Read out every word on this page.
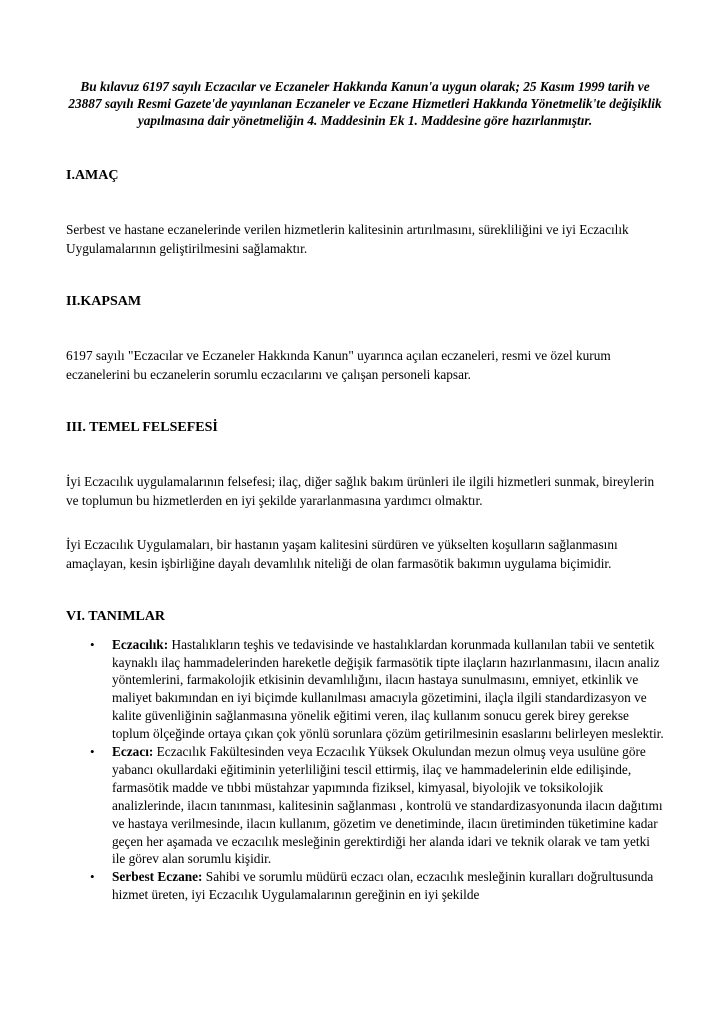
Bu kılavuz 6197 sayılı Eczacılar ve Eczaneler Hakkında Kanun'a uygun olarak; 25 Kasım 1999 tarih ve 23887 sayılı Resmi Gazete'de yayınlanan Eczaneler ve Eczane Hizmetleri Hakkında Yönetmelik'te değişiklik yapılmasına dair yönetmeliğin 4. Maddesinin Ek 1. Maddesine göre hazırlanmıştır.
I.AMAÇ
Serbest ve hastane eczanelerinde verilen hizmetlerin kalitesinin artırılmasını, sürekliliğini ve iyi Eczacılık Uygulamalarının geliştirilmesini sağlamaktır.
II.KAPSAM
6197 sayılı "Eczacılar ve Eczaneler Hakkında Kanun" uyarınca açılan eczaneleri, resmi ve özel kurum eczanelerini bu eczanelerin sorumlu eczacılarını ve çalışan personeli kapsar.
III. TEMEL FELSEFESİ
İyi Eczacılık uygulamalarının felsefesi; ilaç, diğer sağlık bakım ürünleri ile ilgili hizmetleri sunmak, bireylerin ve toplumun bu hizmetlerden en iyi şekilde yararlanmasına yardımcı olmaktır.
İyi Eczacılık Uygulamaları, bir hastanın yaşam kalitesini sürdüren ve yükselten koşulların sağlanmasını amaçlayan, kesin işbirliğine dayalı devamlılık niteliği de olan farmasötik bakımın uygulama biçimidir.
VI. TANIMLAR
• Eczacılık: Hastalıkların teşhis ve tedavisinde ve hastalıklardan korunmada kullanılan tabii ve sentetik kaynaklı ilaç hammadelerinden hareketle değişik farmasötik tipte ilaçların hazırlanmasını, ilacın analiz yöntemlerini, farmakolojik etkisinin devamlılığını, ilacın hastaya sunulmasını, emniyet, etkinlik ve maliyet bakımından en iyi biçimde kullanılması amacıyla gözetimini, ilaçla ilgili standardizasyon ve kalite güvenliğinin sağlanmasına yönelik eğitimi veren, ilaç kullanım sonucu gerek birey gerekse toplum ölçeğinde ortaya çıkan çok yönlü sorunlara çözüm getirilmesinin esaslarını belirleyen meslektir.
• Eczacı: Eczacılık Fakültesinden veya Eczacılık Yüksek Okulundan mezun olmuş veya usulüne göre yabancı okullardaki eğitiminin yeterliliğini tescil ettirmiş, ilaç ve hammadelerinin elde edilişinde, farmasötik madde ve tıbbi müstahzar yapımında fiziksel, kimyasal, biyolojik ve toksikolojik analizlerinde, ilacın tanınması, kalitesinin sağlanması , kontrolü ve standardizasyonunda ilacın dağıtımı ve hastaya verilmesinde, ilacın kullanım, gözetim ve denetiminde, ilacın üretiminden tüketimine kadar geçen her aşamada ve eczacılık mesleğinin gerektirdiği her alanda idari ve teknik olarak ve tam yetki ile görev alan sorumlu kişidir.
• Serbest Eczane: Sahibi ve sorumlu müdürü eczacı olan, eczacılık mesleğinin kuralları doğrultusunda hizmet üreten, iyi Eczacılık Uygulamalarının gereğinin en iyi şekilde
